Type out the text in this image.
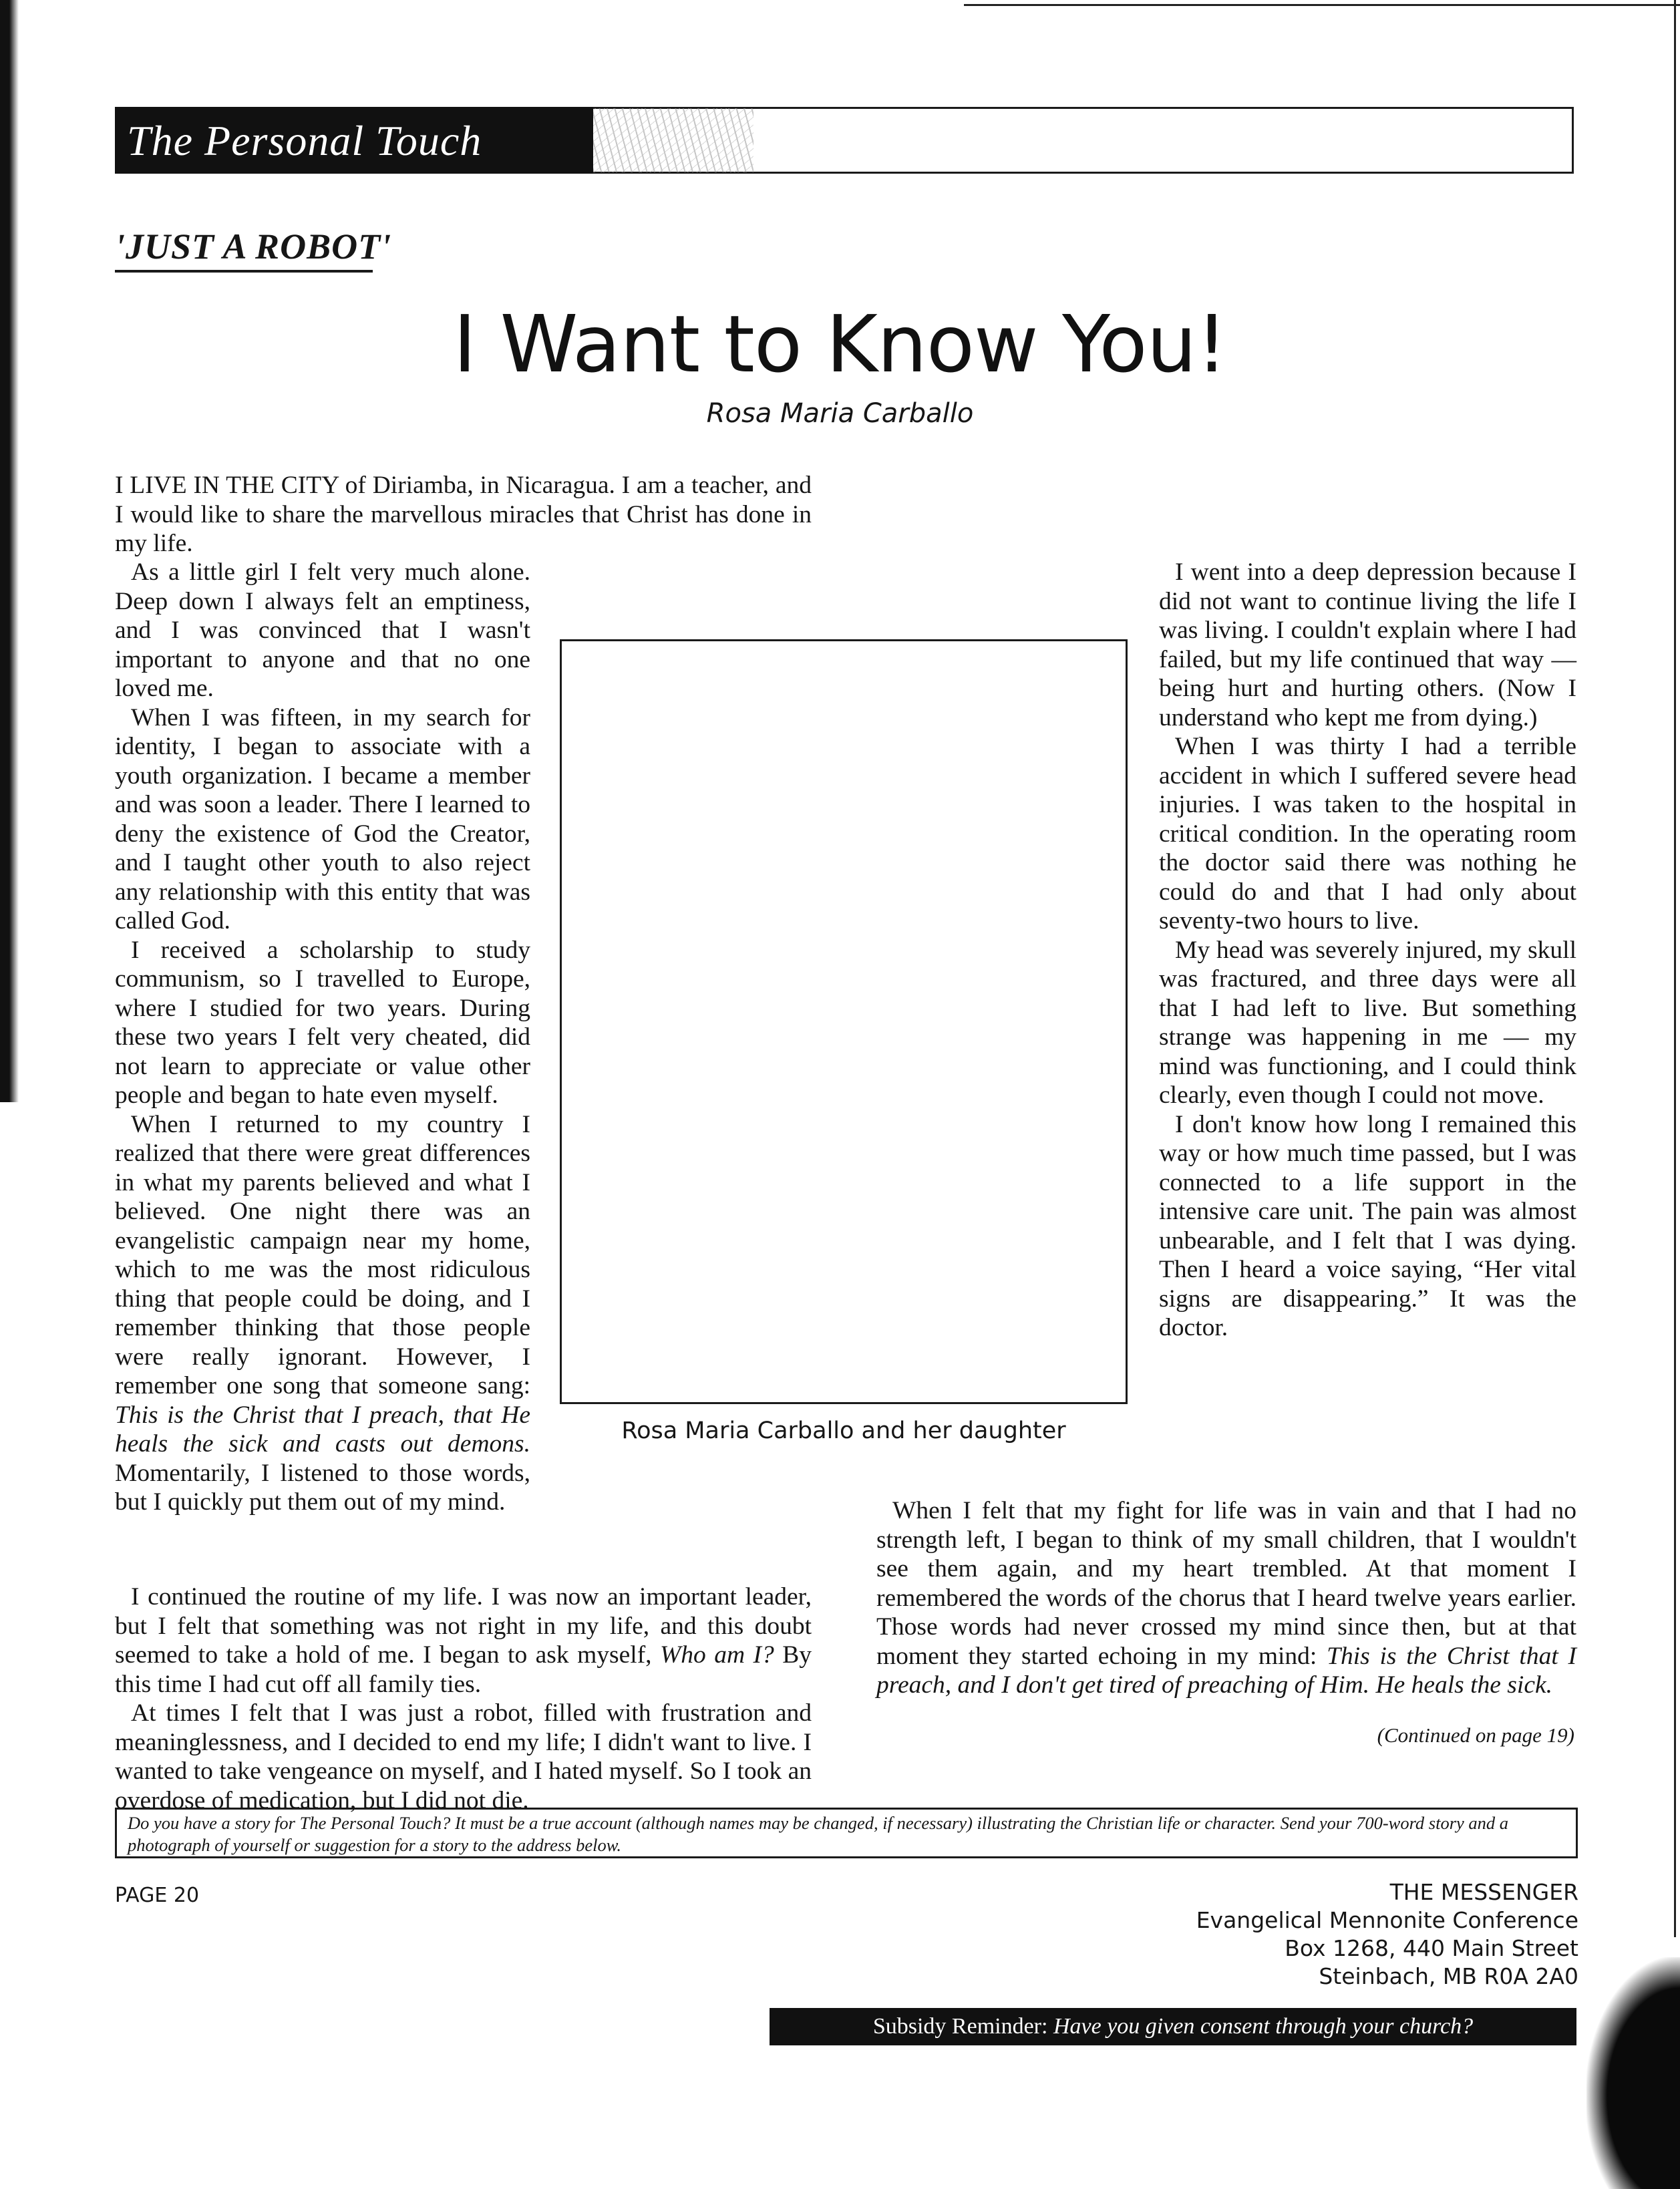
The Personal Touch
'JUST A ROBOT'
I Want to Know You!
Rosa Maria Carballo

I LIVE IN THE CITY of Diriamba, in Nicaragua. I am a teacher, and I would like to share the marvellous miracles that Christ has done in my life.

As a little girl I felt very much alone. Deep down I always felt an emptiness, and I was convinced that I wasn't important to anyone and that no one loved me.

When I was fifteen, in my search for identity, I began to associate with a youth organization. I became a member and was soon a leader. There I learned to deny the existence of God the Creator, and I taught other youth to also reject any relationship with this entity that was called God.

I received a scholarship to study communism, so I travelled to Europe, where I studied for two years. During these two years I felt very cheated, did not learn to appreciate or value other people and began to hate even myself.

When I returned to my country I realized that there were great differences in what my parents believed and what I believed. One night there was an evangelistic campaign near my home, which to me was the most ridiculous thing that people could be doing, and I remember thinking that those people were really ignorant. However, I remember one song that someone sang: This is the Christ that I preach, that He heals the sick and casts out demons. Momentarily, I listened to those words, but I quickly put them out of my mind.

I continued the routine of my life. I was now an important leader, but I felt that something was not right in my life, and this doubt seemed to take a hold of me. I began to ask myself, Who am I? By this time I had cut off all family ties.

At times I felt that I was just a robot, filled with frustration and meaninglessness, and I decided to end my life; I didn't want to live. I wanted to take vengeance on myself, and I hated myself. So I took an overdose of medication, but I did not die.

Rosa Maria Carballo and her daughter

I went into a deep depression because I did not want to continue living the life I was living. I couldn't explain where I had failed, but my life continued that way — being hurt and hurting others. (Now I understand who kept me from dying.)

When I was thirty I had a terrible accident in which I suffered severe head injuries. I was taken to the hospital in critical condition. In the operating room the doctor said there was nothing he could do and that I had only about seventy-two hours to live.

My head was severely injured, my skull was fractured, and three days were all that I had left to live. But something strange was happening in me — my mind was functioning, and I could think clearly, even though I could not move.

I don't know how long I remained this way or how much time passed, but I was connected to a life support in the intensive care unit. The pain was almost unbearable, and I felt that I was dying. Then I heard a voice saying, “Her vital signs are disappearing.” It was the doctor.

When I felt that my fight for life was in vain and that I had no strength left, I began to think of my small children, that I wouldn't see them again, and my heart trembled. At that moment I remembered the words of the chorus that I heard twelve years earlier. Those words had never crossed my mind since then, but at that moment they started echoing in my mind: This is the Christ that I preach, and I don't get tired of preaching of Him. He heals the sick.

(Continued on page 19)
Do you have a story for The Personal Touch? It must be a true account (although names may be changed, if necessary) illustrating the Christian life or character. Send your 700-word story and a photograph of yourself or suggestion for a story to the address below.
PAGE 20	THE MESSENGER
Evangelical Mennonite Conference
Box 1268, 440 Main Street
Steinbach, MB R0A 2A0
Subsidy Reminder: Have you given consent through your church?
